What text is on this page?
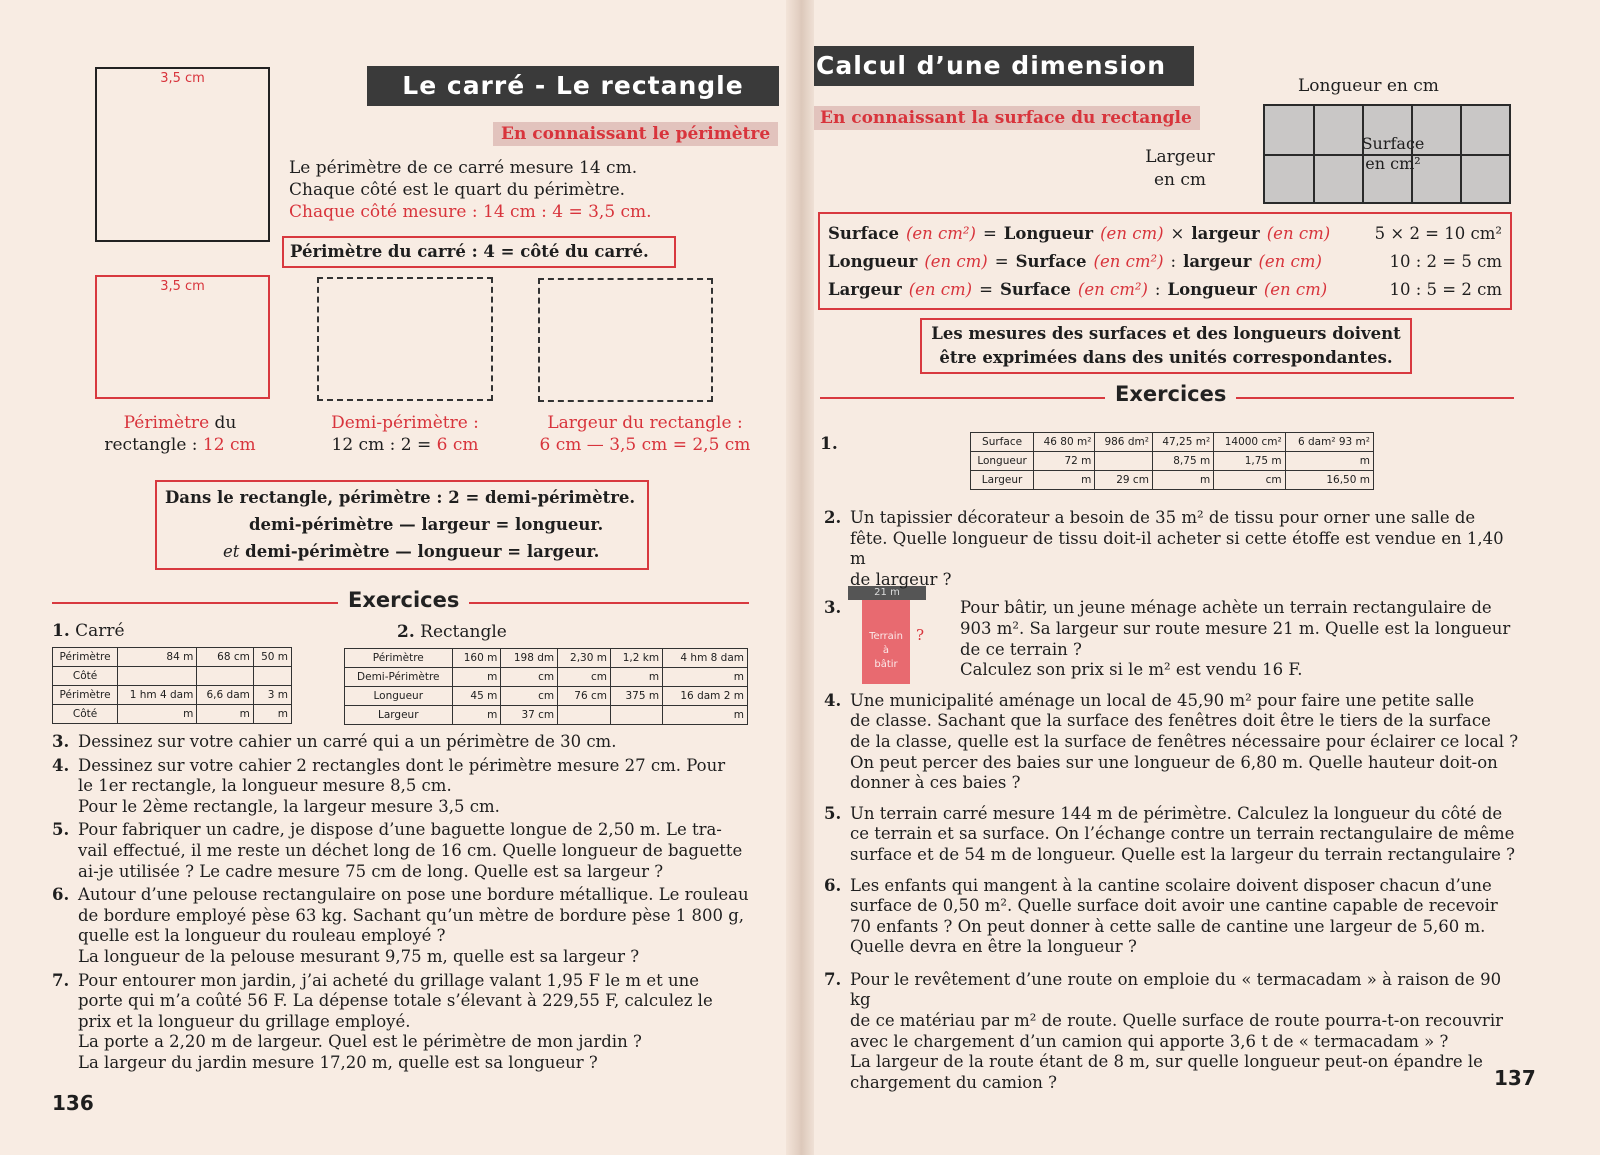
3,5 cm	Le carré - Le rectangle
En connaissant le périmètre
Le périmètre de ce carré mesure 14 cm.
Chaque côté est le quart du périmètre.
Chaque côté mesure : 14 cm : 4 = 3,5 cm.
Périmètre du carré : 4 = côté du carré.
3,5 cm
Périmètre du
rectangle : 12 cm
Demi-périmètre :
12 cm : 2 = 6 cm
Largeur du rectangle :
6 cm — 3,5 cm = 2,5 cm
Dans le rectangle, périmètre : 2 = demi-périmètre.
demi-périmètre — largeur = longueur.
et demi-périmètre — longueur = largeur.
Exercices
1. Carré
Périmètre	84 m	68 cm	50 m
Côté			
Périmètre	1 hm 4 dam	6,6 dam	3 m
Côté	m	m	m
2. Rectangle
Périmètre	160 m	198 dm	2,30 m	1,2 km	4 hm 8 dam
Demi-Périmètre	m	cm	cm	m	m
Longueur	45 m	cm	76 cm	375 m	16 dam 2 m
Largeur	m	37 cm			m
3. Dessinez sur votre cahier un carré qui a un périmètre de 30 cm.
4. Dessinez sur votre cahier 2 rectangles dont le périmètre mesure 27 cm. Pour
le 1er rectangle, la longueur mesure 8,5 cm.
Pour le 2ème rectangle, la largeur mesure 3,5 cm.
5. Pour fabriquer un cadre, je dispose d’une baguette longue de 2,50 m. Le tra-
vail effectué, il me reste un déchet long de 16 cm. Quelle longueur de baguette
ai-je utilisée ? Le cadre mesure 75 cm de long. Quelle est sa largeur ?
6. Autour d’une pelouse rectangulaire on pose une bordure métallique. Le rouleau
de bordure employé pèse 63 kg. Sachant qu’un mètre de bordure pèse 1 800 g,
quelle est la longueur du rouleau employé ?
La longueur de la pelouse mesurant 9,75 m, quelle est sa largeur ?
7. Pour entourer mon jardin, j’ai acheté du grillage valant 1,95 F le m et une
porte qui m’a coûté 56 F. La dépense totale s’élevant à 229,55 F, calculez le
prix et la longueur du grillage employé.
La porte a 2,20 m de largeur. Quel est le périmètre de mon jardin ?
La largeur du jardin mesure 17,20 m, quelle est sa longueur ?
136
Calcul d’une dimension
En connaissant la surface du rectangle
Longueur en cm
Largeur
en cm
Surface
en cm²
Surface (en cm²) = Longueur (en cm) × largeur (en cm)	5 × 2 = 10 cm²
Longueur (en cm) = Surface (en cm²) : largeur (en cm)	10 : 2 = 5 cm
Largeur (en cm) = Surface (en cm²) : Longueur (en cm)	10 : 5 = 2 cm
Les mesures des surfaces et des longueurs doivent
être exprimées dans des unités correspondantes.
Exercices
1.	Surface	46 80 m²	986 dm²	47,25 m²	14000 cm²	6 dam² 93 m²
Longueur	72 m		8,75 m	1,75 m	m
Largeur	m	29 cm	m	cm	16,50 m
21 m
Terrain
à
bâtir
?
2. Un tapissier décorateur a besoin de 35 m² de tissu pour orner une salle de
fête. Quelle longueur de tissu doit-il acheter si cette étoffe est vendue en 1,40 m
de largeur ?
3.	Pour bâtir, un jeune ménage achète un terrain rectangulaire de
903 m². Sa largeur sur route mesure 21 m. Quelle est la longueur
de ce terrain ?
Calculez son prix si le m² est vendu 16 F.
4. Une municipalité aménage un local de 45,90 m² pour faire une petite salle
de classe. Sachant que la surface des fenêtres doit être le tiers de la surface
de la classe, quelle est la surface de fenêtres nécessaire pour éclairer ce local ?
On peut percer des baies sur une longueur de 6,80 m. Quelle hauteur doit-on
donner à ces baies ?
5. Un terrain carré mesure 144 m de périmètre. Calculez la longueur du côté de
ce terrain et sa surface. On l’échange contre un terrain rectangulaire de même
surface et de 54 m de longueur. Quelle est la largeur du terrain rectangulaire ?
6. Les enfants qui mangent à la cantine scolaire doivent disposer chacun d’une
surface de 0,50 m². Quelle surface doit avoir une cantine capable de recevoir
70 enfants ? On peut donner à cette salle de cantine une largeur de 5,60 m.
Quelle devra en être la longueur ?
7. Pour le revêtement d’une route on emploie du « termacadam » à raison de 90 kg
de ce matériau par m² de route. Quelle surface de route pourra-t-on recouvrir
avec le chargement d’un camion qui apporte 3,6 t de « termacadam » ?
La largeur de la route étant de 8 m, sur quelle longueur peut-on épandre le
chargement du camion ?	137
